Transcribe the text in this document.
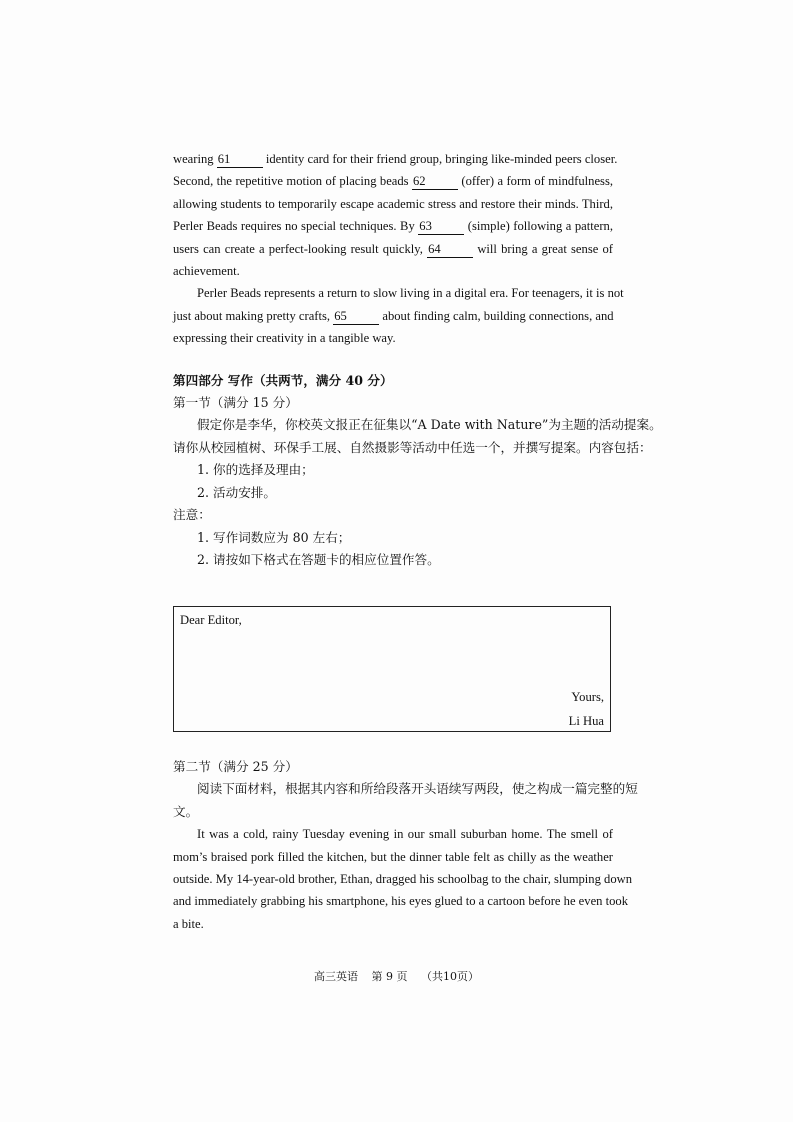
wearing 61	identity card for their friend group, bringing like-minded peers closer.
Second, the repetitive motion of placing beads 62	(offer) a form of mindfulness,
allowing students to temporarily escape academic stress and restore their minds. Third,
Perler Beads requires no special techniques. By 63	(simple) following a pattern,
users can create a perfect-looking result quickly, 64	will bring a great sense of
achievement.
Perler Beads represents a return to slow living in a digital era. For teenagers, it is not
just about making pretty crafts, 65	about finding calm, building connections, and
expressing their creativity in a tangible way.
第四部分 写作（共两节，满分 40 分）
第一节（满分 15 分）
假定你是李华，你校英文报正在征集以“A Date with Nature”为主题的活动提案。
请你从校园植树、环保手工展、自然摄影等活动中任选一个，并撰写提案。内容包括：
1. 你的选择及理由；
2. 活动安排。
注意：
1. 写作词数应为 80 左右；
2. 请按如下格式在答题卡的相应位置作答。
Dear Editor,
Yours,
Li Hua
第二节（满分 25 分）
阅读下面材料，根据其内容和所给段落开头语续写两段，使之构成一篇完整的短
文。
It was a cold, rainy Tuesday evening in our small suburban home. The smell of
mom’s braised pork filled the kitchen, but the dinner table felt as chilly as the weather
outside. My 14-year-old brother, Ethan, dragged his schoolbag to the chair, slumping down
and immediately grabbing his smartphone, his eyes glued to a cartoon before he even took
a bite.
高三英语 第 9 页 （共10页）
